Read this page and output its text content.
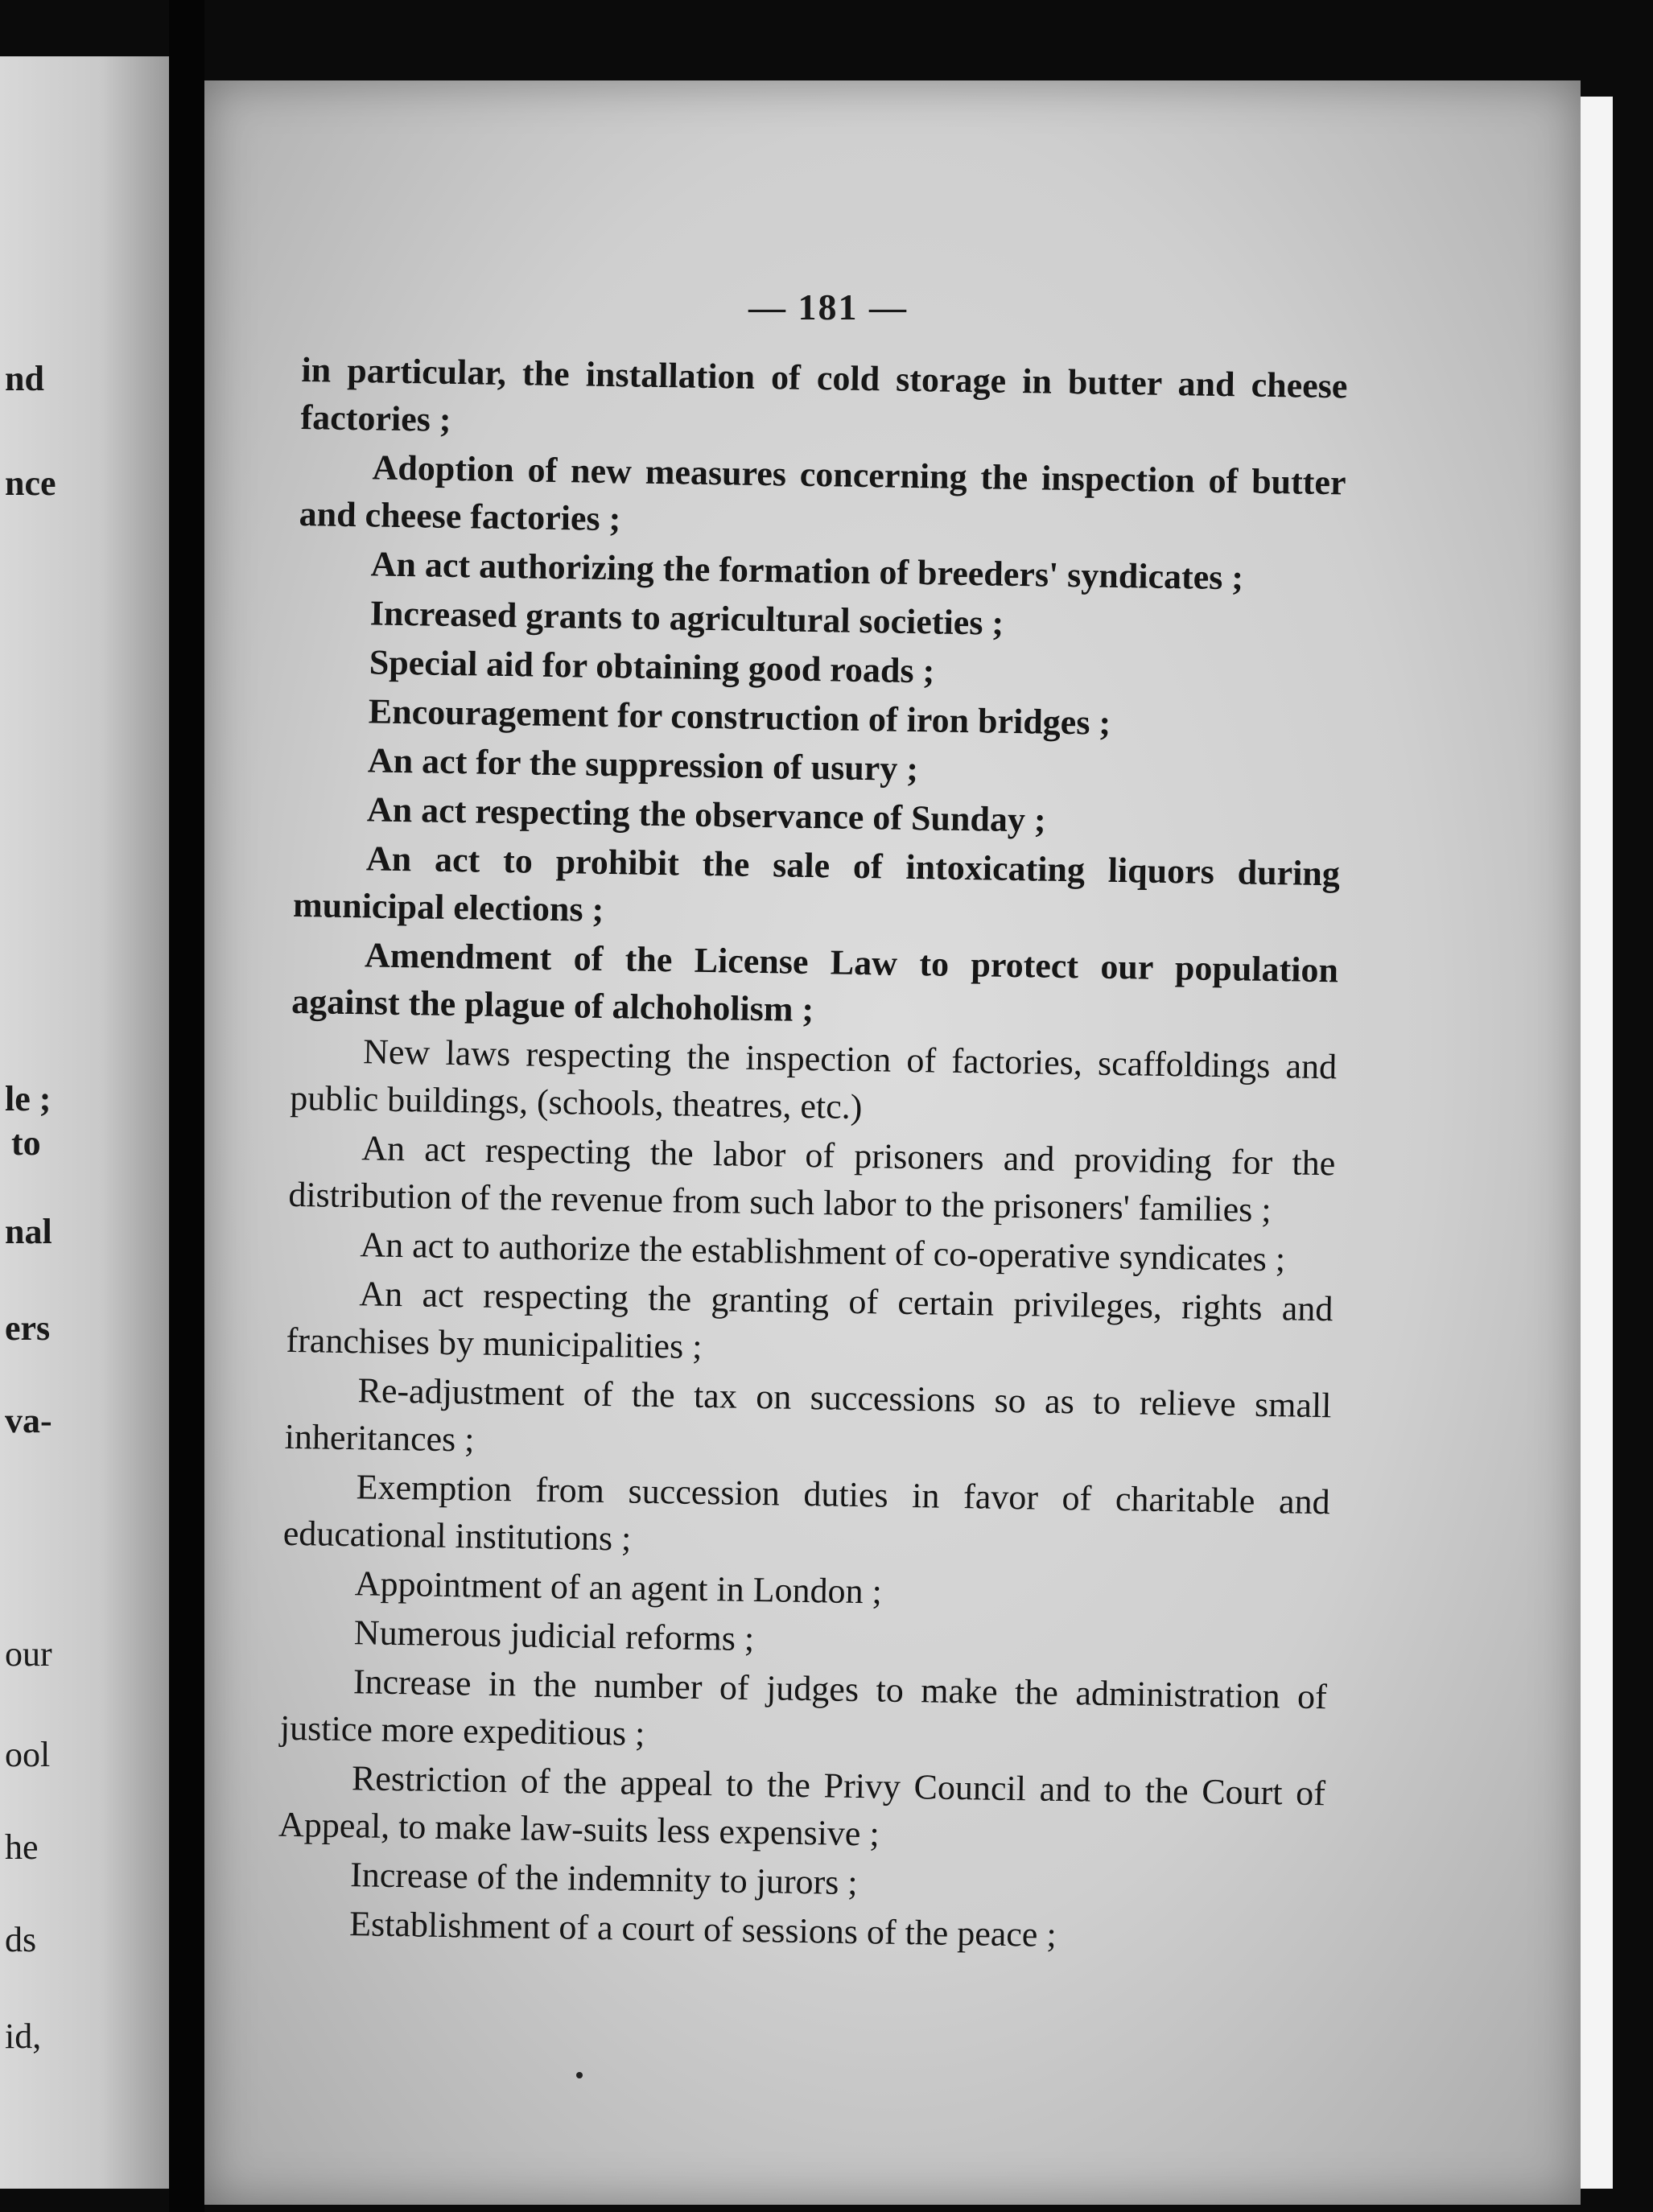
nd
nce
le ;
to
nal
ers
va-
our
ool
he
ds
id,
— 181 —

in particular, the installation of cold storage in butter and cheese factories ;

Adoption of new measures concerning the inspection of butter and cheese factories ;

An act authorizing the formation of breeders' syndicates ;

Increased grants to agricultural societies ;

Special aid for obtaining good roads ;

Encouragement for construction of iron bridges ;

An act for the suppression of usury ;

An act respecting the observance of Sunday ;

An act to prohibit the sale of intoxicating liquors during municipal elections ;

Amendment of the License Law to protect our population against the plague of alchoholism ;

New laws respecting the inspection of factories, scaffoldings and public buildings, (schools, theatres, etc.)

An act respecting the labor of prisoners and providing for the distribution of the revenue from such labor to the prisoners' families ;

An act to authorize the establishment of co-operative syndicates ;

An act respecting the granting of certain privileges, rights and franchises by municipalities ;

Re-adjustment of the tax on successions so as to relieve small inheritances ;

Exemption from succession duties in favor of charitable and educational institutions ;

Appointment of an agent in London ;

Numerous judicial reforms ;

Increase in the number of judges to make the administration of justice more expeditious ;

Restriction of the appeal to the Privy Council and to the Court of Appeal, to make law-suits less expensive ;

Increase of the indemnity to jurors ;

Establishment of a court of sessions of the peace ;
